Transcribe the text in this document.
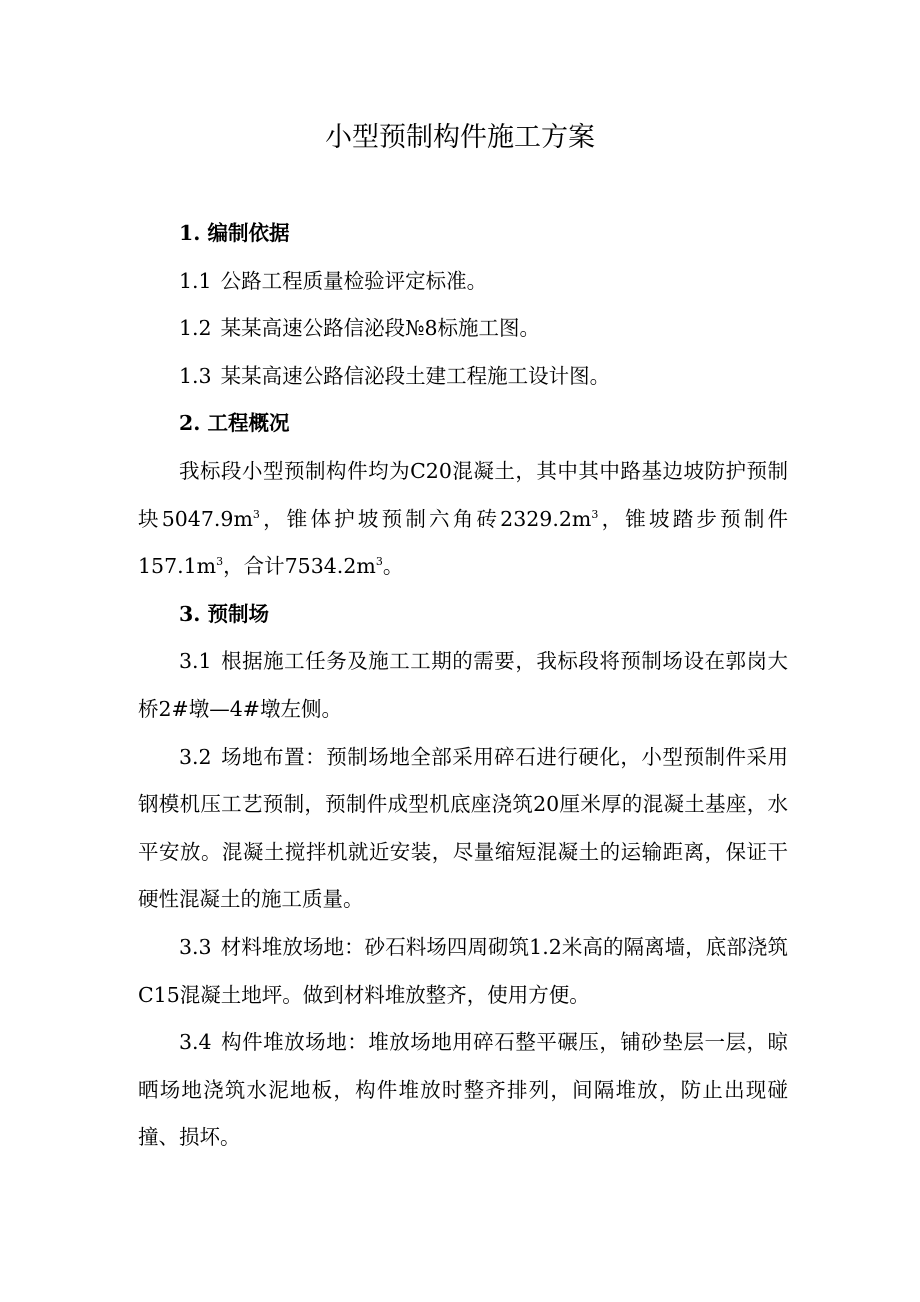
小型预制构件施工方案

1. 编制依据

1.1 公路工程质量检验评定标准。

1.2 某某高速公路信泌段№8标施工图。

1.3 某某高速公路信泌段土建工程施工设计图。

2. 工程概况

我标段小型预制构件均为C20混凝土，其中其中路基边坡防护预制块$5047.9m^3$，锥体护坡预制六角砖$2329.2m^3$，锥坡踏步预制件$157.1m^3$，合计$7534.2m^3$。

3. 预制场

3.1 根据施工任务及施工工期的需要，我标段将预制场设在郭岗大桥2#墩—4#墩左侧。

3.2 场地布置：预制场地全部采用碎石进行硬化，小型预制件采用钢模机压工艺预制，预制件成型机底座浇筑20厘米厚的混凝土基座，水平安放。混凝土搅拌机就近安装，尽量缩短混凝土的运输距离，保证干硬性混凝土的施工质量。

3.3 材料堆放场地：砂石料场四周砌筑1.2米高的隔离墙，底部浇筑C15混凝土地坪。做到材料堆放整齐，使用方便。

3.4 构件堆放场地：堆放场地用碎石整平碾压，铺砂垫层一层，晾晒场地浇筑水泥地板，构件堆放时整齐排列，间隔堆放，防止出现碰撞、损坏。
